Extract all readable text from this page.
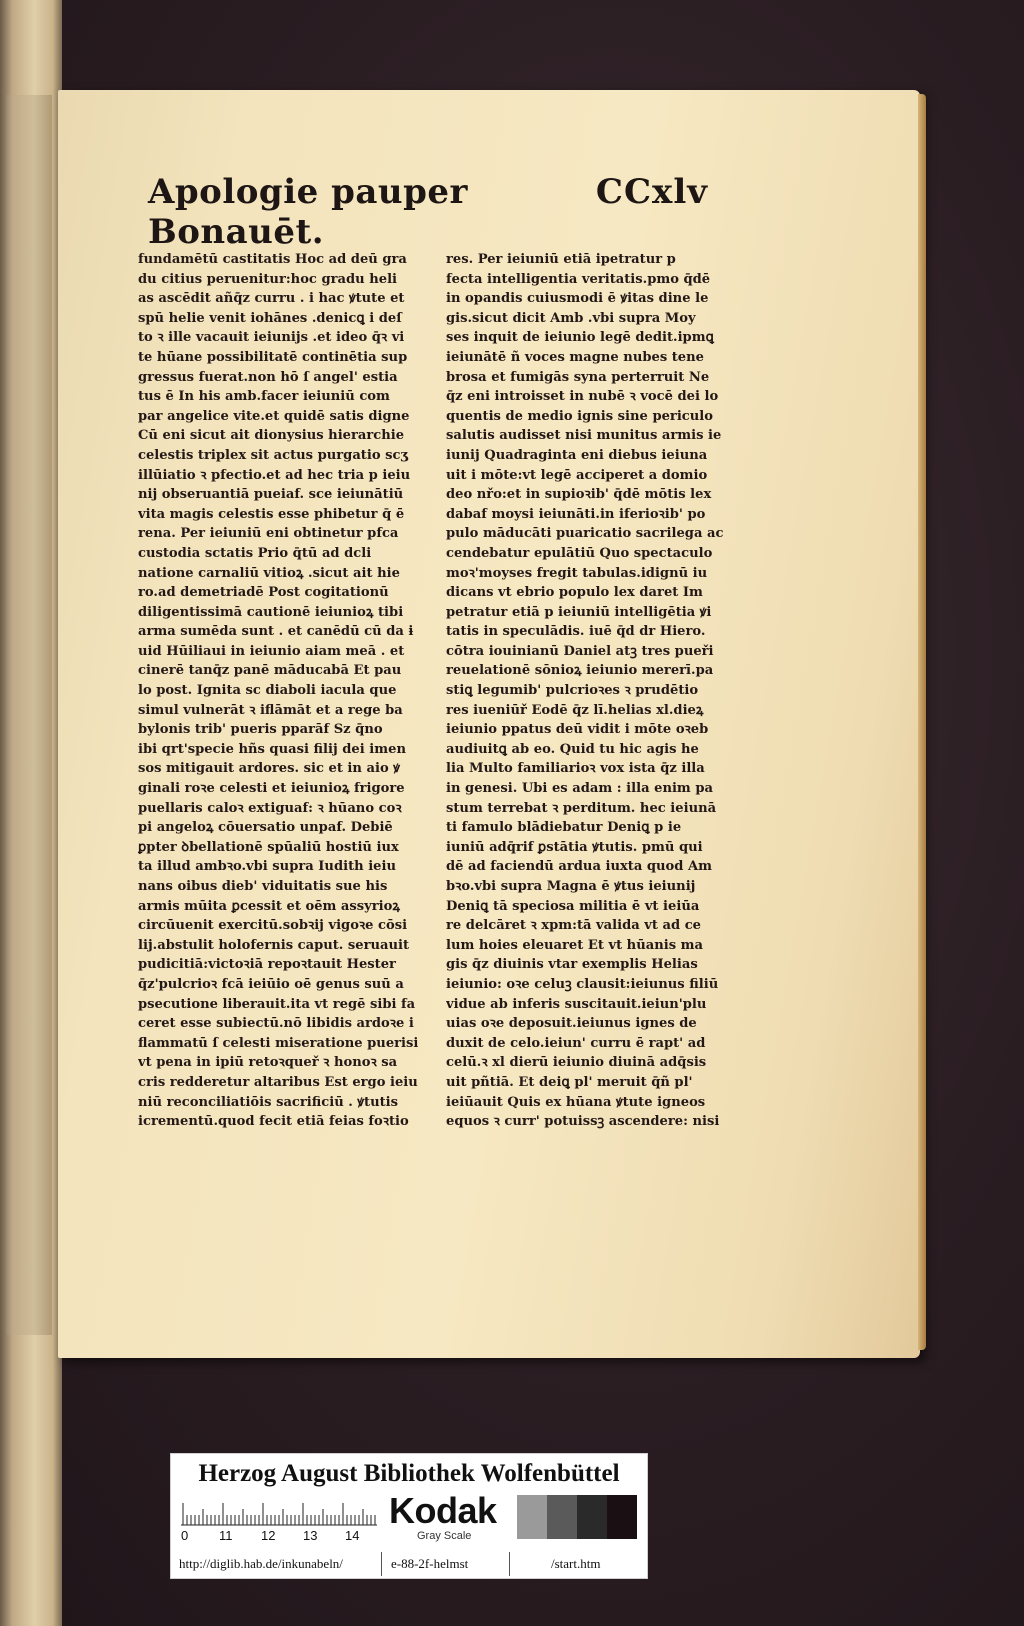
Apologie pauper Bonauēt.
CCxlv
fundamētū castitatis Hoc ad deū gra
du citius peruenitur:hoc gradu heli
as ascēdit añq̄z curru . i hac ꝟtute et
spū helie venit iohānes .denicꝗ i deſ
to ꝛ ille vacauit ieiunijs .et ideo q̄ꝛ vi
te hūane possibilitatē continētia sup
gressus fuerat.non hō ſ angel' estia
tus ē In his amb.facer ieiuniū com
par angelice vite.et quidē satis digne
Cū eni sicut ait dionysius hierarchie
celestis triplex sit actus purgatio scʒ
illūiatio ꝛ pfectio.et ad hec tria p ieiu
nij obseruantiā pueiaf. sce ieiunātiū
vita magis celestis esse phibetur q̄ ē
rena. Per ieiuniū eni obtinetur pfca
custodia sctatis Prio q̄tū ad dcli
natione carnaliū vitioꝝ .sicut ait hie
ro.ad demetriadē Post cogitationū
diligentissimā cautionē ieiunioꝝ tibi
arma sumēda sunt . et canēdū cū da ɨ
uid Hūiliaui in ieiunio aiam meā . et
cinerē tanq̄z panē māducabā Et pau
lo post. Ignita sc diaboli iacula que
simul vulnerāt ꝛ iflāmāt et a rege ba
bylonis trib' pueris pparāf Sz q̄no
ibi qrt'specie hñs quasi filij dei imen
sos mitigauit ardores. sic et in aio ꝟ
ginali roꝛe celesti et ieiunioꝝ frigore
puellaris caloꝛ extiguaf: ꝛ hūano coꝛ
pi angeloꝝ cōuersatio unpaf. Debiē
ꝑpter ꝺbellationē spūaliū hostiū iux
ta illud ambꝛo.vbi supra Iudith ieiu
nans oibus dieb' viduitatis sue his
armis mūita ꝑcessit et oēm assyrioꝝ
circūuenit exercitū.sobꝛij vigoꝛe cōsi
lij.abstulit holofernis caput. seruauit
pudicitiā:victoꝛiā repoꝛtauit Hester
q̄z'pulcrioꝛ fcā ieiūio oē genus suū a
psecutione liberauit.ita vt regē sibi fa
ceret esse subiectū.nō libidis ardoꝛe i
flammatū ſ celesti miseratione puerisi
vt pena in ipiū retoꝛqueř ꝛ honoꝛ sa
cris redderetur altaribus Est ergo ieiu
niū reconciliatiōis sacrificiū . ꝟtutis
icrementū.quod fecit etiā feias foꝛtio
res. Per ieiuniū etiā ipetratur p
fecta intelligentia veritatis.pmo q̄dē
in opandis cuiusmodi ē ꝟitas dine le
gis.sicut dicit Amb .vbi supra Moy
ses inquit de ieiunio legē dedit.ipmꝗ
ieiunātē ñ voces magne nubes tene
brosa et fumigās syna perterruit Ne
q̄z eni introisset in nubē ꝛ vocē dei lo
quentis de medio ignis sine periculo
salutis audisset nisi munitus armis ie
iunij Quadraginta eni diebus ieiuna
uit i mōte:vt legē acciperet a domio
deo nřo:et in supioꝛib' q̄dē mōtis lex
dabaf moysi ieiunāti.in iferioꝛib' po
pulo māducāti puaricatio sacrilega ac
cendebatur epulātiū Quo spectaculo
moꝛ'moyses fregit tabulas.idignū iu
dicans vt ebrio populo lex daret Im
petratur etiā p ieiuniū intelligētia ꝟi
tatis in speculādis. iuē q̄d dr Hiero.
cōtra iouinianū Daniel atꝫ tres pueři
reuelationē sōnioꝝ ieiunio mererī.pa
stiꝗ legumib' pulcrioꝛes ꝛ prudētio
res iueniūř Eodē q̄z lī.helias xl.dieꝝ
ieiunio ppatus deū vidit i mōte oꝛeb
audiuitꝗ ab eo. Quid tu hic agis he
lia Multo familiarioꝛ vox ista q̄z illa
in genesi. Ubi es adam : illa enim pa
stum terrebat ꝛ perditum. hec ieiunā
ti famulo blādiebatur Deniꝗ p ie
iuniū adq̄rif ꝑstātia ꝟtutis. pmū qui
dē ad faciendū ardua iuxta quod Am
bꝛo.vbi supra Magna ē ꝟtus ieiunij
Deniꝗ tā speciosa militia ē vt ieiūa
re delcāret ꝛ xpm:tā valida vt ad ce
lum hoies eleuaret Et vt hūanis ma
gis q̄z diuinis vtar exemplis Helias
ieiunio: oꝛe celuꝫ clausit:ieiunus filiū
vidue ab inferis suscitauit.ieiun'plu
uias oꝛe deposuit.ieiunus ignes de
duxit de celo.ieiun' curru ē rapt' ad
celū.ꝛ xl dierū ieiunio diuinā adq̄sis
uit pñtiā. Et deiꝗ pl' meruit q̄ñ pl'
ieiūauit Quis ex hūana ꝟtute igneos
equos ꝛ curr' potuissꝫ ascendere: nisi
Herzog August Bibliothek Wolfenbüttel
0 11 12 13 14
Kodak
Gray Scale
http://diglib.hab.de/inkunabeln/	e-88-2f-helmst	/start.htm
